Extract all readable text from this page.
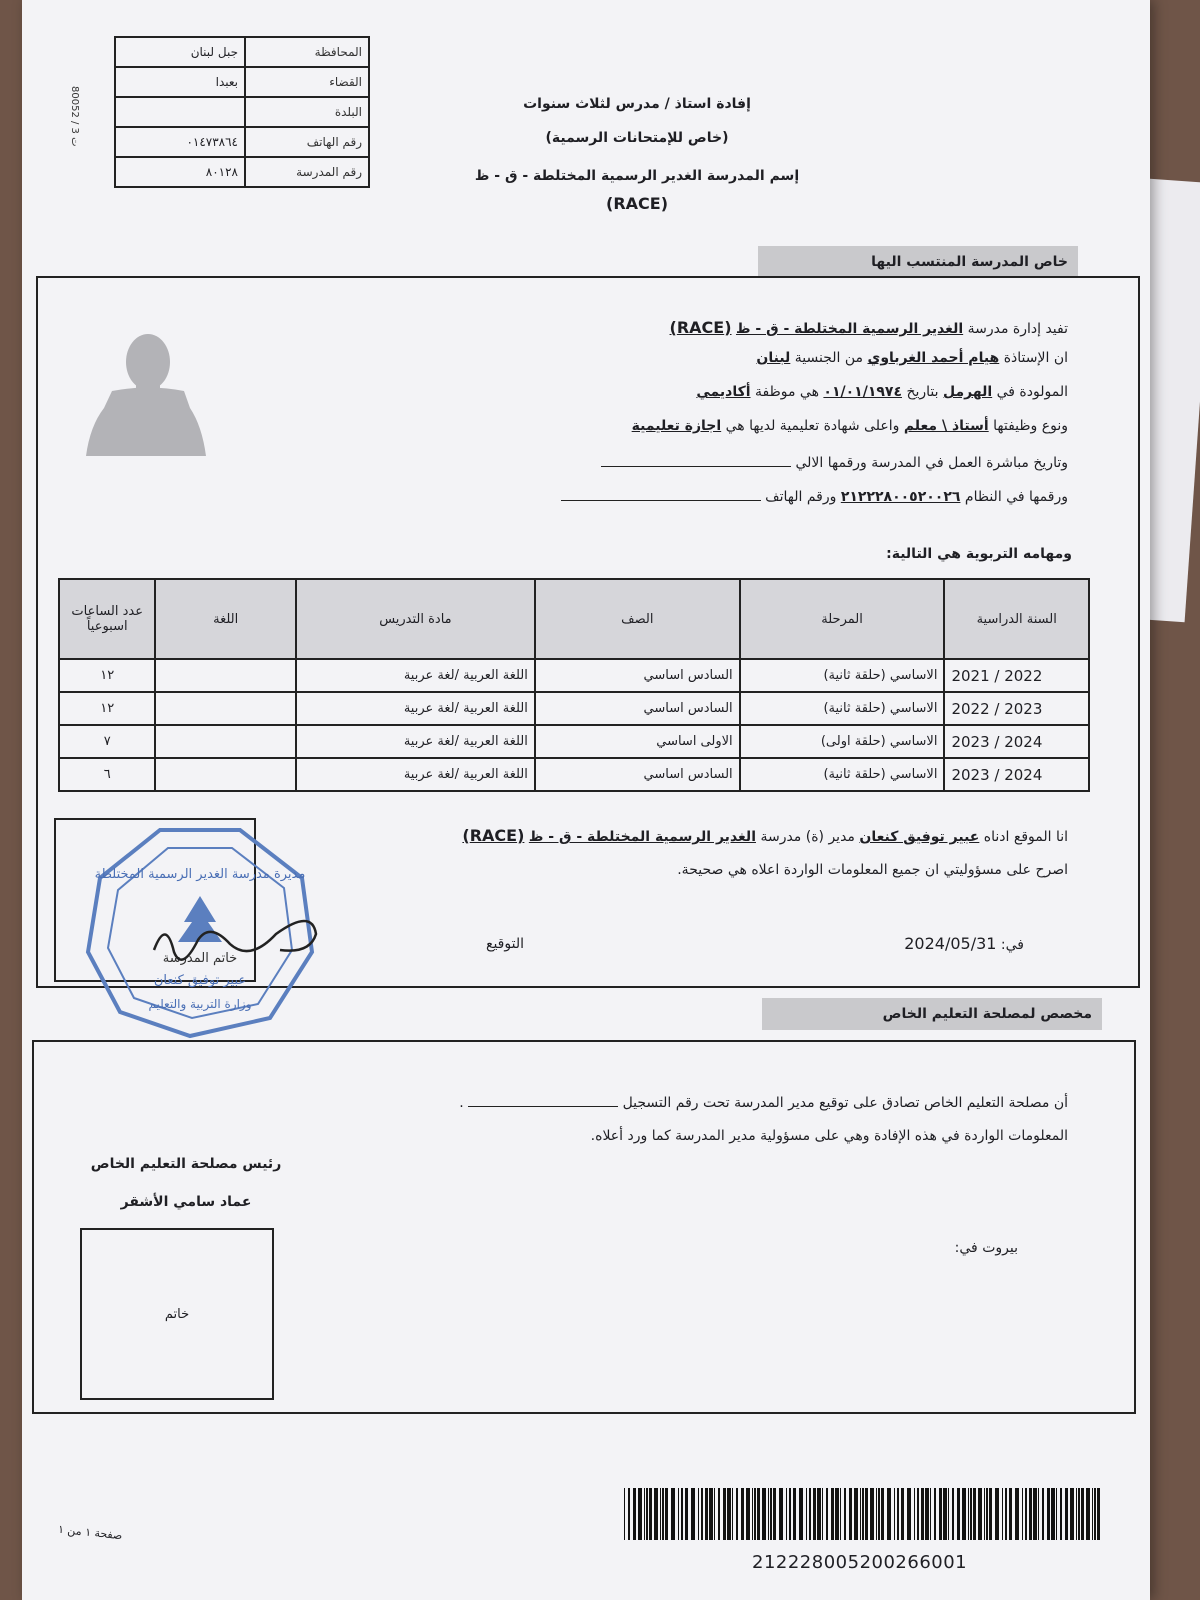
80052 / 3 ت
جبل لبنان	المحافظة
بعبدا	القضاء
	البلدة
٠١٤٧٣٨٦٤	رقم الهاتف
٨٠١٢٨	رقم المدرسة
إفادة استاذ / مدرس لثلاث سنوات
(خاص للإمتحانات الرسمية)
إسم المدرسة الغدير الرسمية المختلطة - ق - ظ
(RACE)
خاص المدرسة المنتسب اليها
تفيد إدارة مدرسة الغدير الرسمية المختلطة - ق - ظ (RACE)
ان الإستاذة هيام أحمد الغرباوي من الجنسية لبنان
المولودة في الهرمل بتاريخ ٠١/٠١/١٩٧٤ هي موظفة أكاديمي
ونوع وظيفتها أستاذ \ معلم واعلى شهادة تعليمية لديها هي اجازة تعليمية
وتاريخ مباشرة العمل في المدرسة ورقمها الالي
ورقمها في النظام ٢١٢٢٢٨٠٠٥٢٠٠٢٦ ورقم الهاتف
ومهامه التربوية هي التالية:
السنة الدراسية	المرحلة	الصف	مادة التدريس	اللغة	عدد الساعات اسبوعياً
2021 / 2022	الاساسي (حلقة ثانية)	السادس اساسي	اللغة العربية /لغة عربية		١٢
2022 / 2023	الاساسي (حلقة ثانية)	السادس اساسي	اللغة العربية /لغة عربية		١٢
2023 / 2024	الاساسي (حلقة اولى)	الاولى اساسي	اللغة العربية /لغة عربية		٧
2023 / 2024	الاساسي (حلقة ثانية)	السادس اساسي	اللغة العربية /لغة عربية		٦
انا الموقع ادناه عبير توفيق كنعان مدير (ة) مدرسة الغدير الرسمية المختلطة - ق - ظ (RACE)
اصرح على مسؤوليتي ان جميع المعلومات الواردة اعلاه هي صحيحة.
في: 2024/05/31
التوقيع
مديرة مدرسة الغدير الرسمية المختلطة
خاتم المدرسة
عبير توفيق كنعان
وزارة التربية والتعليم
مخصص لمصلحة التعليم الخاص
أن مصلحة التعليم الخاص تصادق على توقيع مدير المدرسة تحت رقم التسجيل  .
المعلومات الواردة في هذه الإفادة وهي على مسؤولية مدير المدرسة كما ورد أعلاه.
رئيس مصلحة التعليم الخاص
عماد سامي الأشقر
بيروت في:
خاتم
صفحة ١ من ١
212228005200266001
